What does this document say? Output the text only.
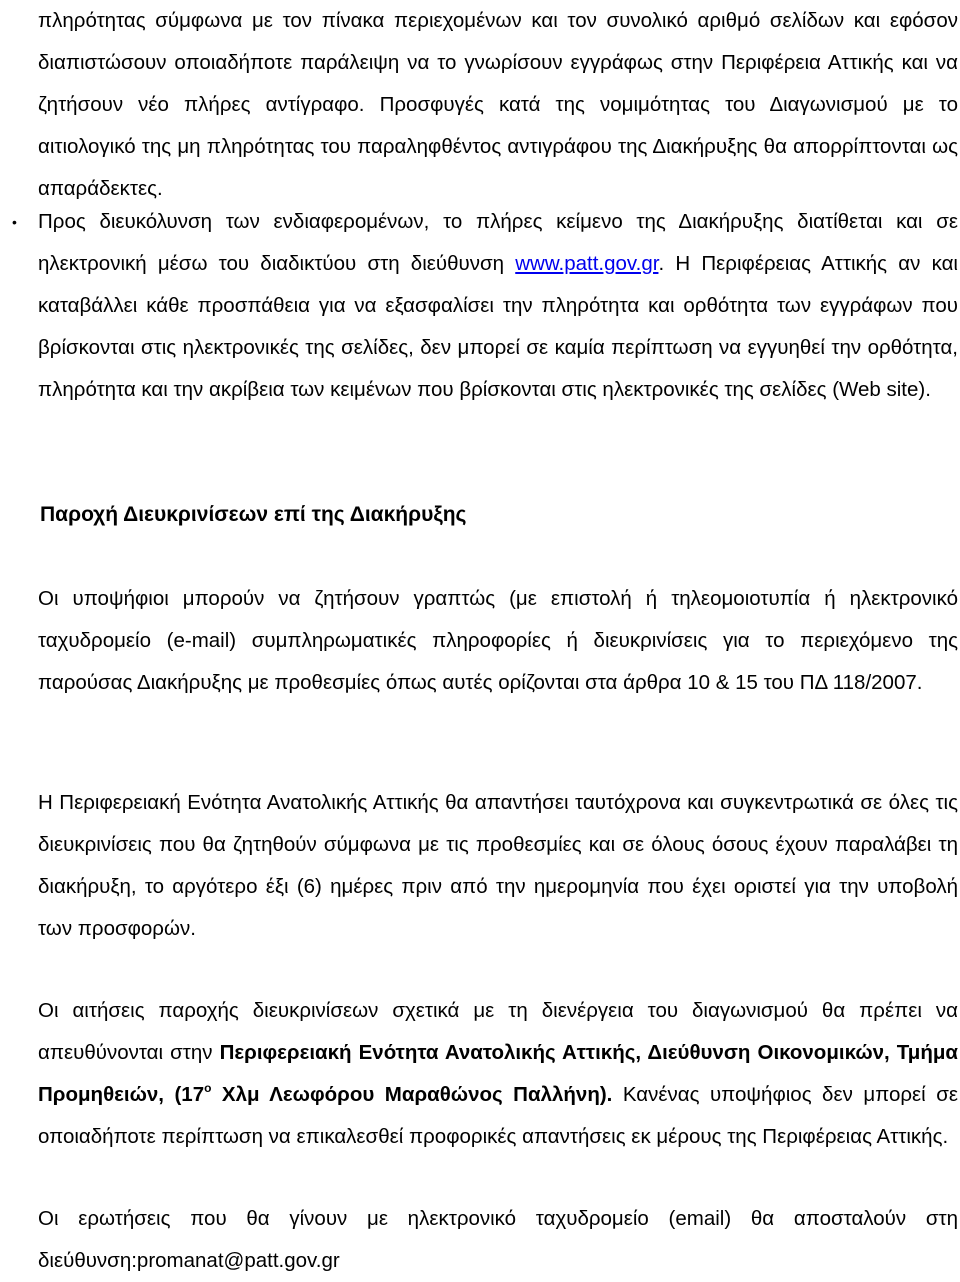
πληρότητας σύμφωνα με τον πίνακα περιεχομένων και τον συνολικό αριθμό σελίδων και εφόσον διαπιστώσουν οποιαδήποτε παράλειψη να το γνωρίσουν εγγράφως στην Περιφέρεια Αττικής και να ζητήσουν νέο πλήρες αντίγραφο. Προσφυγές κατά της νομιμότητας του Διαγωνισμού με το αιτιολογικό της μη πληρότητας του παραληφθέντος αντιγράφου της Διακήρυξης θα απορρίπτονται ως απαράδεκτες.

• Προς διευκόλυνση των ενδιαφερομένων, το πλήρες κείμενο της Διακήρυξης διατίθεται και σε ηλεκτρονική μέσω του διαδικτύου στη διεύθυνση www.patt.gov.gr. Η Περιφέρειας Αττικής αν και καταβάλλει κάθε προσπάθεια για να εξασφαλίσει την πληρότητα και ορθότητα των εγγράφων που βρίσκονται στις ηλεκτρονικές της σελίδες, δεν μπορεί σε καμία περίπτωση να εγγυηθεί την ορθότητα, πληρότητα και την ακρίβεια των κειμένων που βρίσκονται στις ηλεκτρονικές της σελίδες (Web site).

Παροχή Διευκρινίσεων επί της Διακήρυξης

Οι υποψήφιοι μπορούν να ζητήσουν γραπτώς (με επιστολή ή τηλεομοιοτυπία ή ηλεκτρονικό ταχυδρομείο (e-mail) συμπληρωματικές πληροφορίες ή διευκρινίσεις για το περιεχόμενο της παρούσας Διακήρυξης με προθεσμίες όπως αυτές ορίζονται στα άρθρα 10 & 15 του ΠΔ 118/2007.

Η Περιφερειακή Ενότητα Ανατολικής Αττικής θα απαντήσει ταυτόχρονα και συγκεντρωτικά σε όλες τις διευκρινίσεις που θα ζητηθούν σύμφωνα με τις προθεσμίες και σε όλους όσους έχουν παραλάβει τη διακήρυξη, το αργότερο έξι (6) ημέρες πριν από την ημερομηνία που έχει οριστεί για την υποβολή των προσφορών.

Οι αιτήσεις παροχής διευκρινίσεων σχετικά με τη διενέργεια του διαγωνισμού θα πρέπει να απευθύνονται στην Περιφερειακή Ενότητα Ανατολικής Αττικής, Διεύθυνση Οικονομικών, Τμήμα Προμηθειών, ($17^o$ Χλμ Λεωφόρου Μαραθώνος Παλλήνη). Κανένας υποψήφιος δεν μπορεί σε οποιαδήποτε περίπτωση να επικαλεσθεί προφορικές απαντήσεις εκ μέρους της Περιφέρειας Αττικής.

Οι ερωτήσεις που θα γίνουν με ηλεκτρονικό ταχυδρομείο (email) θα αποσταλούν στη διεύθυνση:promanat@patt.gov.gr
